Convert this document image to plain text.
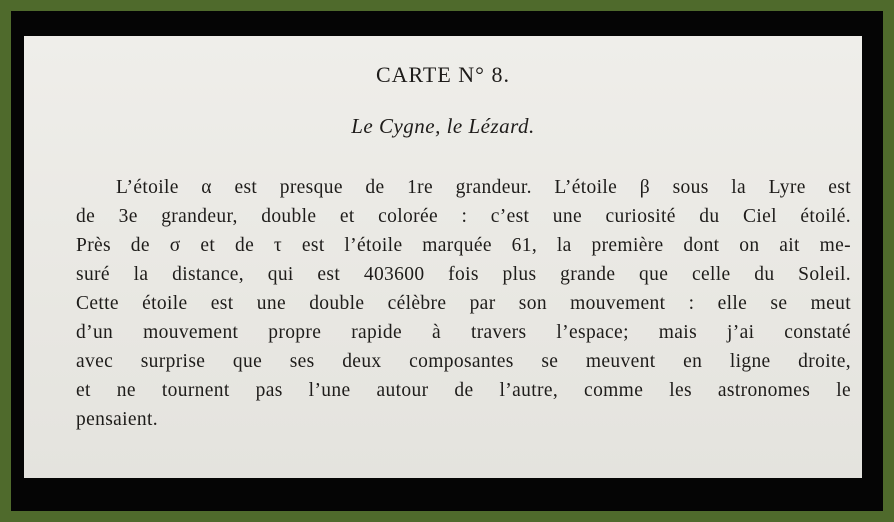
CARTE N° 8.
Le Cygne, le Lézard.
L’étoile α est presque de 1re grandeur. L’étoile β sous la Lyre est
de 3e grandeur, double et colorée : c’est une curiosité du Ciel étoilé.
Près de σ et de τ est l’étoile marquée 61, la première dont on ait me-
suré la distance, qui est 403600 fois plus grande que celle du Soleil.
Cette étoile est une double célèbre par son mouvement : elle se meut
d’un mouvement propre rapide à travers l’espace; mais j’ai constaté
avec surprise que ses deux composantes se meuvent en ligne droite,
et ne tournent pas l’une autour de l’autre, comme les astronomes le
pensaient.
